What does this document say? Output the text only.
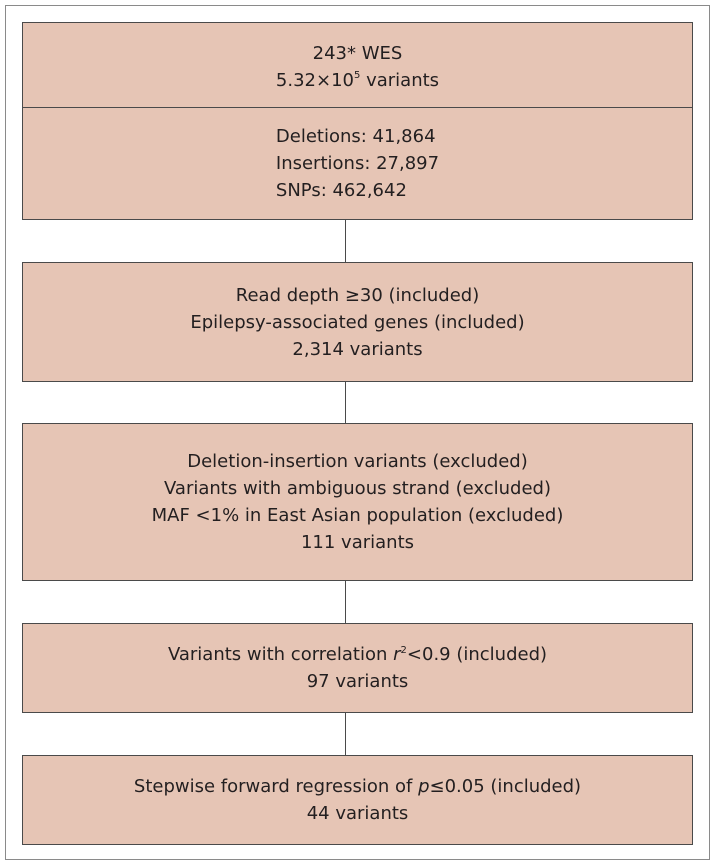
243* WES
$5.32\times 10^5$ variants
Deletions: 41,864
Insertions: 27,897
SNPs: 462,642
Read depth ≥30 (included)
Epilepsy-associated genes (included)
2,314 variants
Deletion-insertion variants (excluded)
Variants with ambiguous strand (excluded)
MAF <1% in East Asian population (excluded)
111 variants
Variants with correlation $r^2<0.9$ (included)
97 variants
Stepwise forward regression of p≤0.05 (included)
44 variants
